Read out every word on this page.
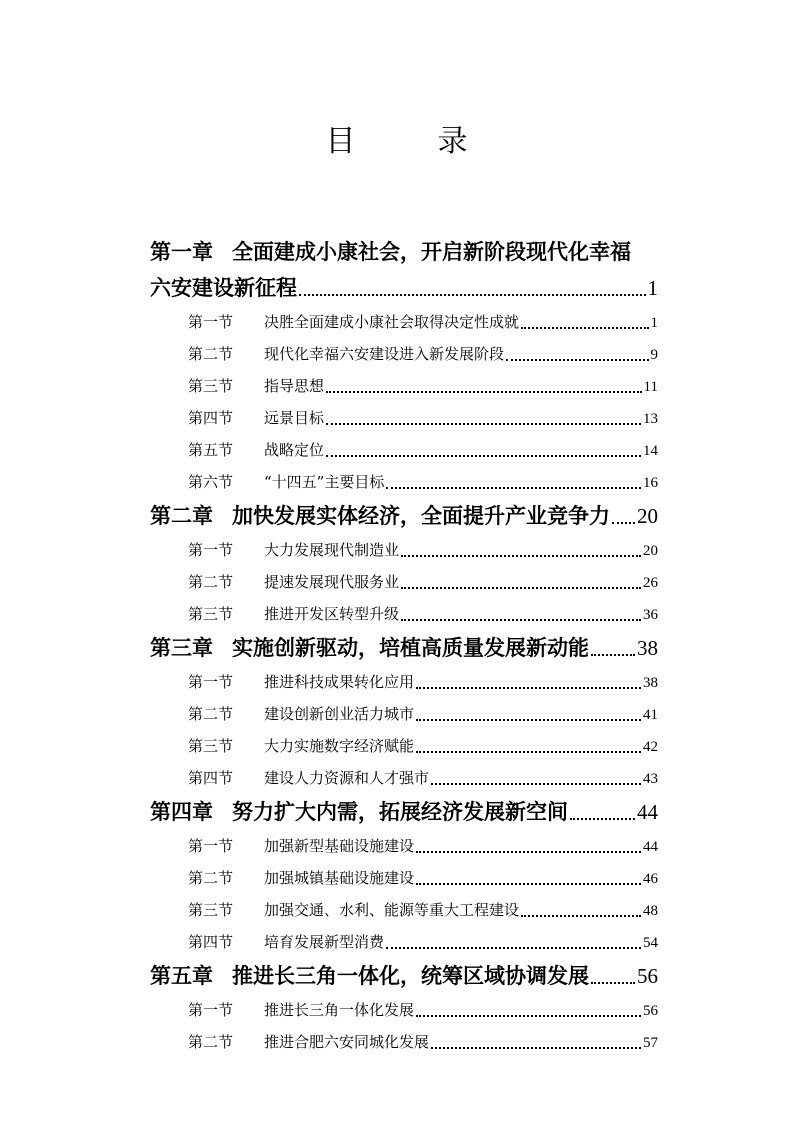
目　录
第一章 全面建成小康社会，开启新阶段现代化幸福
六安建设新征程	1
第一节	决胜全面建成小康社会取得决定性成就	1
第二节	现代化幸福六安建设进入新发展阶段	9
第三节	指导思想	11
第四节	远景目标	13
第五节	战略定位	14
第六节	“十四五”主要目标	16
第二章 加快发展实体经济，全面提升产业竞争力 20
第一节	大力发展现代制造业	20
第二节	提速发展现代服务业	26
第三节	推进开发区转型升级	36
第三章 实施创新驱动，培植高质量发展新动能 38
第一节	推进科技成果转化应用	38
第二节	建设创新创业活力城市	41
第三节	大力实施数字经济赋能	42
第四节	建设人力资源和人才强市	43
第四章 努力扩大内需，拓展经济发展新空间	44
第一节	加强新型基础设施建设	44
第二节	加强城镇基础设施建设	46
第三节	加强交通、水利、能源等重大工程建设	48
第四节	培育发展新型消费	54
第五章 推进长三角一体化，统筹区域协调发展 56
第一节	推进长三角一体化发展	56
第二节	推进合肥六安同城化发展	57
